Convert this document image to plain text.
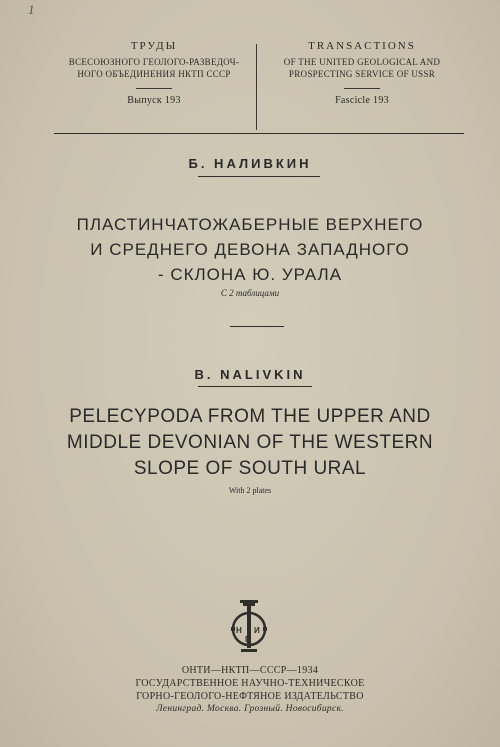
1
ТРУДЫ
ВСЕСОЮЗНОГО ГЕОЛОГО-РАЗВЕДОЧ-
НОГО ОБЪЕДИНЕНИЯ НКТП СССР
Выпуск 193
TRANSACTIONS
OF THE UNITED GEOLOGICAL AND
PROSPECTING SERVICE OF USSR
Fascicle 193
Б. НАЛИВКИН
ПЛАСТИНЧАТОЖАБЕРНЫЕ ВЕРХНЕГО
И СРЕДНЕГО ДЕВОНА ЗАПАДНОГО
- СКЛОНА Ю. УРАЛА
С 2 таблицами
B. NALIVKIN
PELECYPODA FROM THE UPPER AND
MIDDLE DEVONIAN OF THE WESTERN
SLOPE OF SOUTH URAL
With 2 plates
Н И
Г
ОНТИ—НКТП—СССР—1934
ГОСУДАРСТВЕННОЕ НАУЧНО-ТЕХНИЧЕСКОЕ
ГОРНО-ГЕОЛОГО-НЕФТЯНОЕ ИЗДАТЕЛЬСТВО
Ленинград. Москва. Грозный. Новосибирск.
